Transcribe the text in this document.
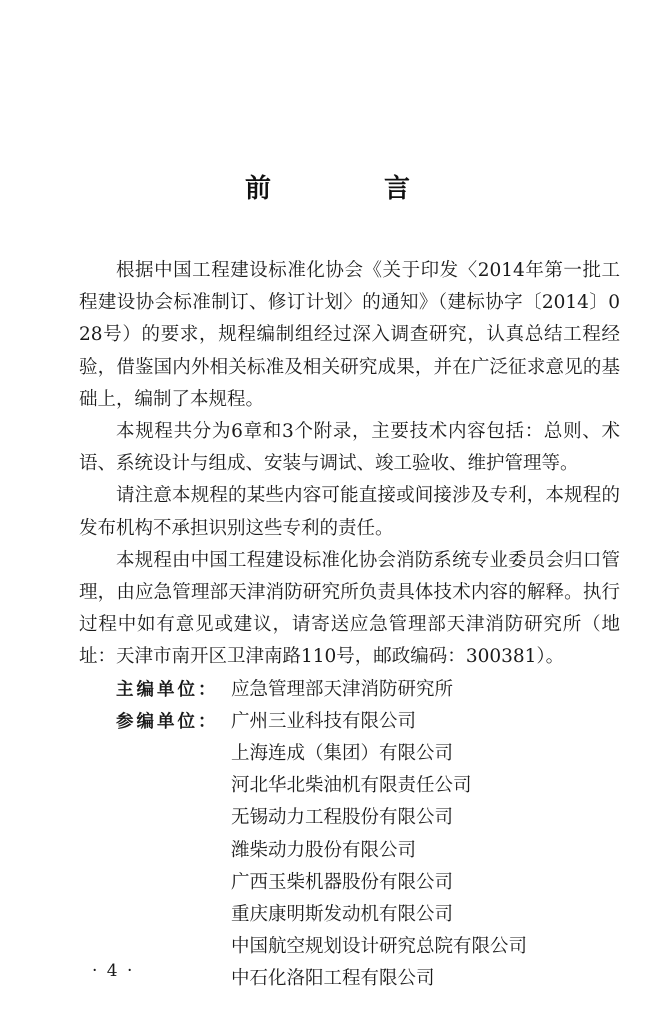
前 言

根据中国工程建设标准化协会《关于印发〈2014年第一批工程建设协会标准制订、修订计划〉的通知》（建标协字〔2014〕028号）的要求，规程编制组经过深入调查研究，认真总结工程经验，借鉴国内外相关标准及相关研究成果，并在广泛征求意见的基础上，编制了本规程。

本规程共分为6章和3个附录，主要技术内容包括：总则、术语、系统设计与组成、安装与调试、竣工验收、维护管理等。

请注意本规程的某些内容可能直接或间接涉及专利，本规程的发布机构不承担识别这些专利的责任。

本规程由中国工程建设标准化协会消防系统专业委员会归口管理，由应急管理部天津消防研究所负责具体技术内容的解释。执行过程中如有意见或建议，请寄送应急管理部天津消防研究所（地址：天津市南开区卫津南路110号，邮政编码：300381）。

主编单位： 应急管理部天津消防研究所
参编单位： 广州三业科技有限公司
上海连成（集团）有限公司
河北华北柴油机有限责任公司
无锡动力工程股份有限公司
潍柴动力股份有限公司
广西玉柴机器股份有限公司
重庆康明斯发动机有限公司
中国航空规划设计研究总院有限公司
中石化洛阳工程有限公司
· 4 ·
